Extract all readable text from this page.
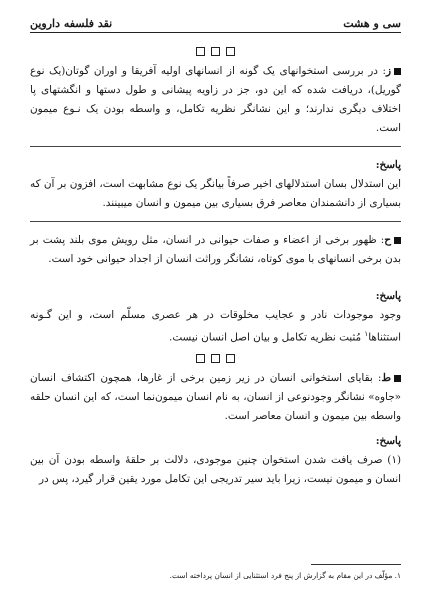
سی و هشت
نقد فلسفه داروین

ز: در بررسی استخوانهای یک گونه از انسانهای اولیه آفریقا و اوران گوتان(یک نوع گوریل)، دریافت شده که این دو، جز در زاویه پیشانی و طول دستها و انگشتهای پا اختلاف دیگری ندارند؛ و این نشانگر نظریه تکامل، و واسطه بودن یک نـوع میمون است.

پاسخ:

این استدلال بسان استدلالهای اخیر صرفاً بیانگر یک نوع مشابهت است، افزون بر آن که بسیاری از دانشمندان معاصر فرق بسیاری بین میمون و انسان میبینند.

ح: ظهور برخی از اعضاء و صفات حیوانی در انسان، مثل رویش موی بلند پشت بر بدن برخی انسانهای با موی کوتاه، نشانگر وراثت انسان از اجداد حیوانی خود است.

پاسخ:

وجود موجودات نادر و عجایب مخلوقات در هر عصری مسلّم است، و این گـونه استثناها$^۱$ مُثبت نظریه تکامل و بیان اصل انسان نیست.

ط: بقایای استخوانی انسان در زیر زمین برخی از غارها، همچون اکتشاف انسان «جاوه» نشانگر وجودنوعی از انسان، به نام انسان میمون‌نما است، که این انسان حلقه واسطه بین میمون و انسان معاصر است.

پاسخ:

(۱) صرف یافت شدن استخوان چنین موجودی، دلالت بر حلقهٔ واسطه بودن آن بین انسان و میمون نیست، زیرا باید سیر تدریجی این تکامل مورد یقین قرار گیرد، پس در

۱. مؤلّف در این مقام به گزارش از پنج فرد استثنایی از انسان پرداخته است.
